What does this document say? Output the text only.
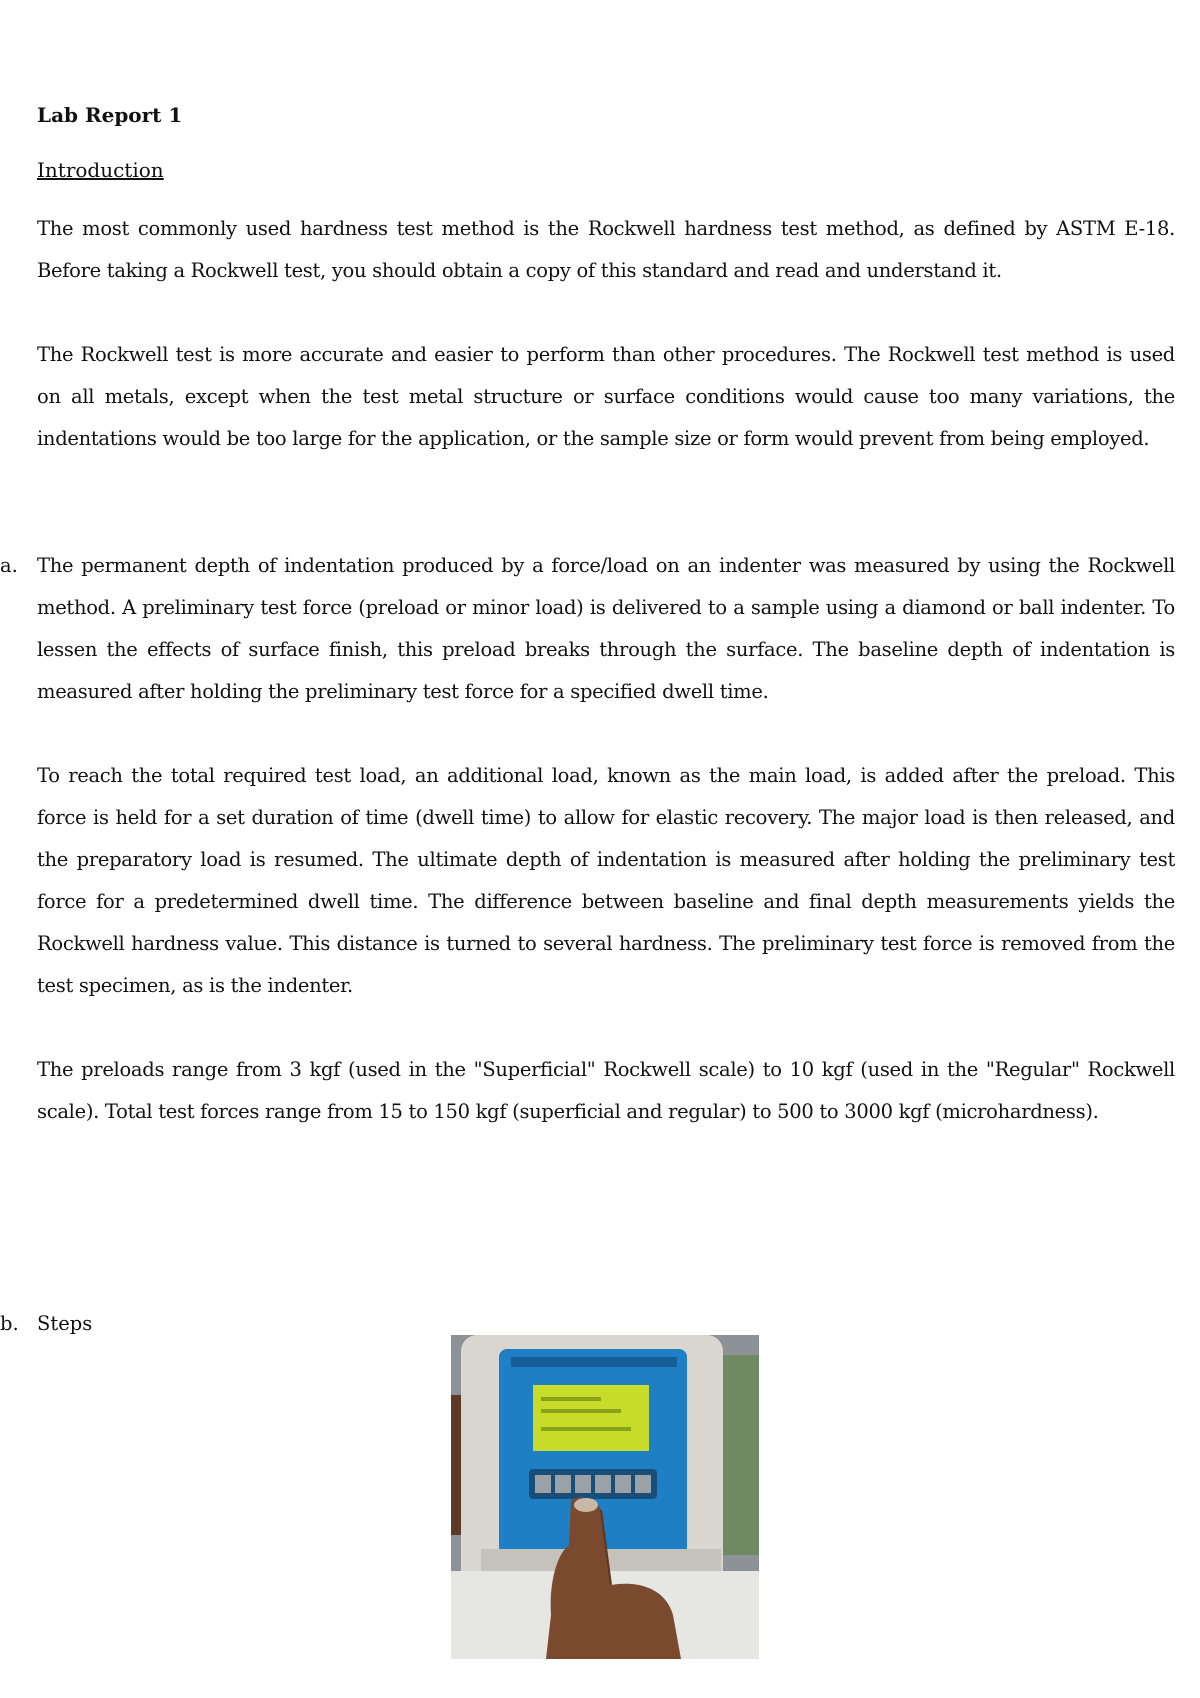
Lab Report 1

Introduction

The most commonly used hardness test method is the Rockwell hardness test method, as defined by ASTM E-18. Before taking a Rockwell test, you should obtain a copy of this standard and read and understand it.

The Rockwell test is more accurate and easier to perform than other procedures. The Rockwell test method is used on all metals, except when the test metal structure or surface conditions would cause too many variations, the indentations would be too large for the application, or the sample size or form would prevent from being employed.

a. The permanent depth of indentation produced by a force/load on an indenter was measured by using the Rockwell method. A preliminary test force (preload or minor load) is delivered to a sample using a diamond or ball indenter. To lessen the effects of surface finish, this preload breaks through the surface. The baseline depth of indentation is measured after holding the preliminary test force for a specified dwell time.

To reach the total required test load, an additional load, known as the main load, is added after the preload. This force is held for a set duration of time (dwell time) to allow for elastic recovery. The major load is then released, and the preparatory load is resumed. The ultimate depth of indentation is measured after holding the preliminary test force for a predetermined dwell time. The difference between baseline and final depth measurements yields the Rockwell hardness value. This distance is turned to several hardness. The preliminary test force is removed from the test specimen, as is the indenter.

The preloads range from 3 kgf (used in the "Superficial" Rockwell scale) to 10 kgf (used in the "Regular" Rockwell scale). Total test forces range from 15 to 150 kgf (superficial and regular) to 500 to 3000 kgf (microhardness).

b. Steps
